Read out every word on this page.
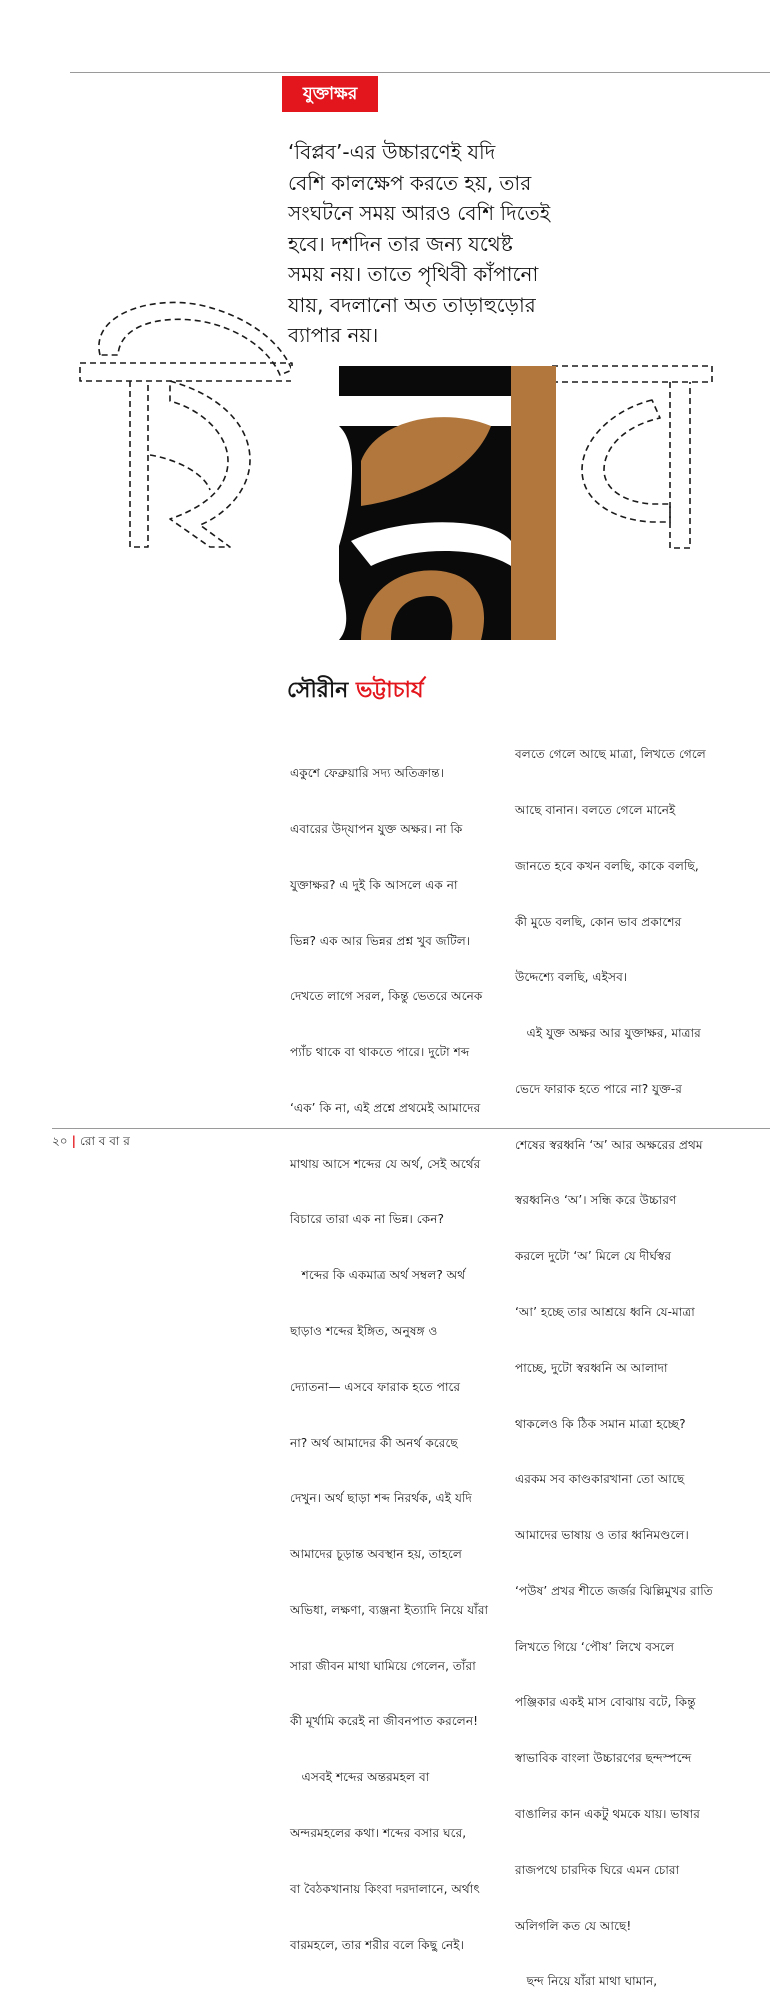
যুক্তাক্ষর
‘বিপ্লব’-এর উচ্চারণেই যদি
বেশি কালক্ষেপ করতে হয়, তার
সংঘটনে সময় আরও বেশি দিতেই
হবে। দশদিন তার জন্য যথেষ্ট
সময় নয়। তাতে পৃথিবী কাঁপানো
যায়, বদলানো অত তাড়াহুড়োর
ব্যাপার নয়।

সৌরীন ভট্টাচার্য

একুশে ফেব্রুয়ারি সদ্য অতিক্রান্ত।

এবারের উদ্‌যাপন যুক্ত অক্ষর। না কি

যুক্তাক্ষর? এ দুই কি আসলে এক না

ভিন্ন? এক আর ভিন্নর প্রশ্ন খুব জটিল।

দেখতে লাগে সরল, কিন্তু ভেতরে অনেক

প্যাঁচ থাকে বা থাকতে পারে। দুটো শব্দ

‘এক’ কি না, এই প্রশ্নে প্রথমেই আমাদের

মাথায় আসে শব্দের যে অর্থ, সেই অর্থের

বিচারে তারা এক না ভিন্ন। কেন?

শব্দের কি একমাত্র অর্থ সম্বল? অর্থ

ছাড়াও শব্দের ইঙ্গিত, অনুষঙ্গ ও

দ্যোতনা— এসবে ফারাক হতে পারে

না? অর্থ আমাদের কী অনর্থ করেছে

দেখুন। অর্থ ছাড়া শব্দ নিরর্থক, এই যদি

আমাদের চূড়ান্ত অবস্থান হয়, তাহলে

অভিধা, লক্ষণা, ব্যঞ্জনা ইত্যাদি নিয়ে যাঁরা

সারা জীবন মাথা ঘামিয়ে গেলেন, তাঁরা

কী মূর্খামি করেই না জীবনপাত করলেন!

এসবই শব্দের অন্তরমহল বা

অন্দরমহলের কথা। শব্দের বসার ঘরে,

বা বৈঠকখানায় কিংবা দরদালানে, অর্থাৎ

বারমহলে, তার শরীর বলে কিছু নেই।

বলতে গেলে আছে মাত্রা, লিখতে গেলে

আছে বানান। বলতে গেলে মানেই

জানতে হবে কখন বলছি, কাকে বলছি,

কী মুডে বলছি, কোন ভাব প্রকাশের

উদ্দেশ্যে বলছি, এইসব।

এই যুক্ত অক্ষর আর যুক্তাক্ষর, মাত্রার

ভেদে ফারাক হতে পারে না? যুক্ত-র

শেষের স্বরধ্বনি ‘অ’ আর অক্ষরের প্রথম

স্বরধ্বনিও ‘অ’। সন্ধি করে উচ্চারণ

করলে দুটো ‘অ’ মিলে যে দীর্ঘস্বর

‘আ’ হচ্ছে তার আশ্রয়ে ধ্বনি যে-মাত্রা

পাচ্ছে, দুটো স্বরধ্বনি অ আলাদা

থাকলেও কি ঠিক সমান মাত্রা হচ্ছে?

এরকম সব কাণ্ডকারখানা তো আছে

আমাদের ভাষায় ও তার ধ্বনিমণ্ডলে।

‘পউষ’ প্রখর শীতে জর্জর ঝিল্লিমুখর রাতি

লিখতে গিয়ে ‘পৌষ’ লিখে বসলে

পঞ্জিকার একই মাস বোঝায় বটে, কিন্তু

স্বাভাবিক বাংলা উচ্চারণের ছন্দস্পন্দে

বাঙালির কান একটু থমকে যায়। ভাষার

রাজপথে চারদিক ঘিরে এমন চোরা

অলিগলি কত যে আছে!

ছন্দ নিয়ে যাঁরা মাথা ঘামান,

২০ | রো ব বা র
